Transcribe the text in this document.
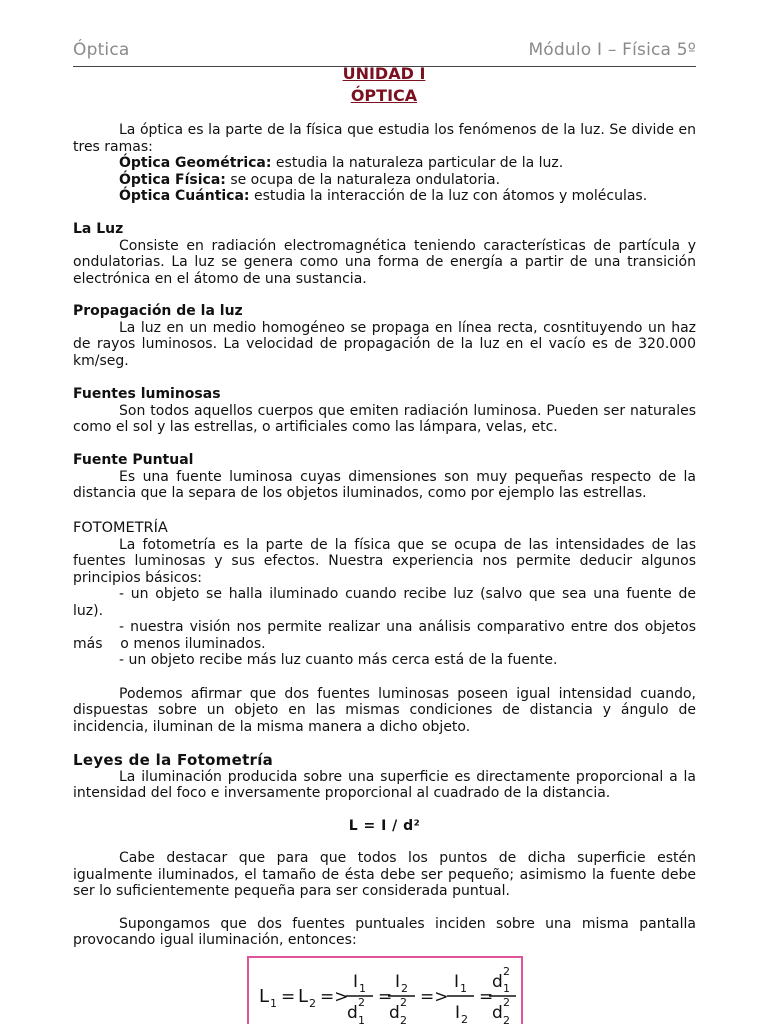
Óptica	Módulo I – Física 5º
UNIDAD I
ÓPTICA

La óptica es la parte de la física que estudia los fenómenos de la luz. Se divide en tres ramas:

Óptica Geométrica: estudia la naturaleza particular de la luz.

Óptica Física: se ocupa de la naturaleza ondulatoria.

Óptica Cuántica: estudia la interacción de la luz con átomos y moléculas.

La Luz

Consiste en radiación electromagnética teniendo características de partícula y ondulatorias. La luz se genera como una forma de energía a partir de una transición electrónica en el átomo de una sustancia.

Propagación de la luz

La luz en un medio homogéneo se propaga en línea recta, cosntituyendo un haz de rayos luminosos. La velocidad de propagación de la luz en el vacío es de 320.000 km/seg.

Fuentes luminosas

Son todos aquellos cuerpos que emiten radiación luminosa. Pueden ser naturales como el sol y las estrellas, o artificiales como las lámpara, velas, etc.

Fuente Puntual

Es una fuente luminosa cuyas dimensiones son muy pequeñas respecto de la distancia que la separa de los objetos iluminados, como por ejemplo las estrellas.

FOTOMETRÍA

La fotometría es la parte de la física que se ocupa de las intensidades de las fuentes luminosas y sus efectos. Nuestra experiencia nos permite deducir algunos principios básicos:

- un objeto se halla iluminado cuando recibe luz (salvo que sea una fuente de luz).

- nuestra visión nos permite realizar una análisis comparativo entre dos objetos más    o menos iluminados.

- un objeto recibe más luz cuanto más cerca está de la fuente.

Podemos afirmar que dos fuentes luminosas poseen igual intensidad cuando, dispuestas sobre un objeto en las mismas condiciones de distancia y ángulo de incidencia, iluminan de la misma manera a dicho objeto.

Leyes de la Fotometría

La iluminación producida sobre una superficie es directamente proporcional a la intensidad del foco e inversamente proporcional al cuadrado de la distancia.

L = I / d²

Cabe destacar que para que todos los puntos de dicha superficie estén igualmente iluminados, el tamaño de ésta debe ser pequeño; asimismo la fuente debe ser lo suficientemente pequeña para ser considerada puntual.

Supongamos que dos fuentes puntuales inciden sobre una misma pantalla provocando igual iluminación, entonces:

L 1 = L 2 =>
I 1
d
2
1
=
I 2
d
2
2
=>
I 1
I 2
=
d
2
1
d
2
2
